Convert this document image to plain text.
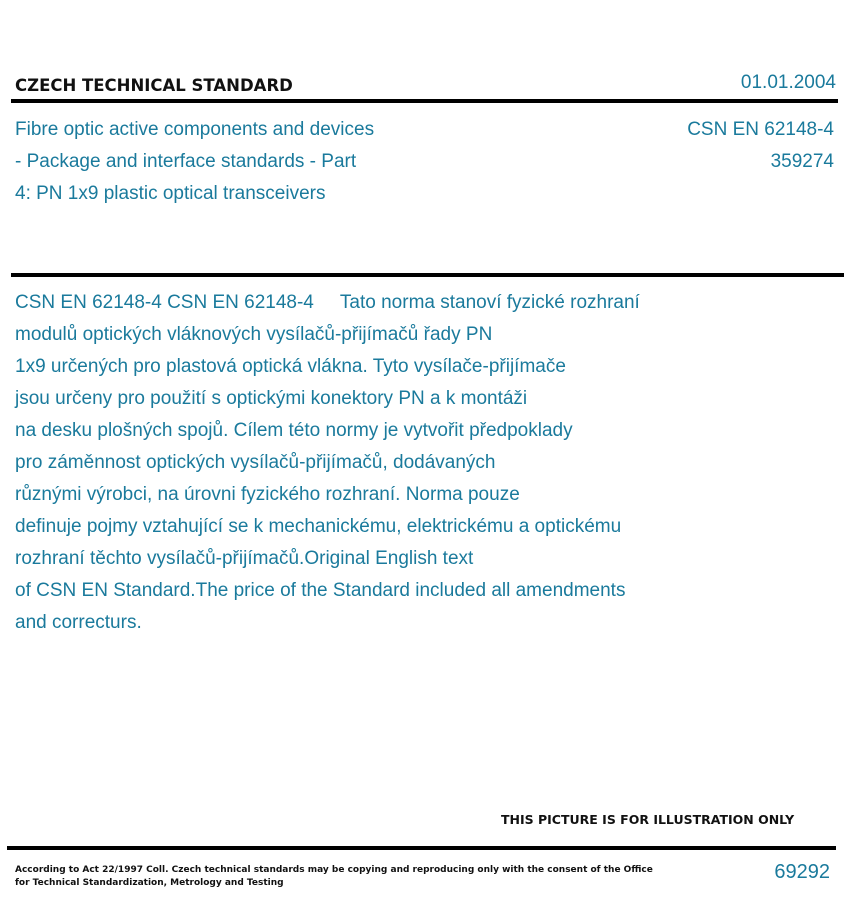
CZECH TECHNICAL STANDARD	01.01.2004
Fibre optic active components and devices
- Package and interface standards - Part
4: PN 1x9 plastic optical transceivers
CSN EN 62148-4
359274
CSN EN 62148-4 CSN EN 62148-4     Tato norma stanoví fyzické rozhraní
modulů optických vláknových vysílačů-přijímačů řady PN
1x9 určených pro plastová optická vlákna. Tyto vysílače-přijímače
jsou určeny pro použití s optickými konektory PN a k montáži
na desku plošných spojů. Cílem této normy je vytvořit předpoklady
pro záměnnost optických vysílačů-přijímačů, dodávaných
různými výrobci, na úrovni fyzického rozhraní. Norma pouze
definuje pojmy vztahující se k mechanickému, elektrickému a optickému
rozhraní těchto vysílačů-přijímačů.Original English text
of CSN EN Standard.The price of the Standard included all amendments
and correcturs.
THIS PICTURE IS FOR ILLUSTRATION ONLY
According to Act 22/1997 Coll. Czech technical standards may be copying and reproducing only with the consent of the Office
for Technical Standardization, Metrology and Testing	69292
